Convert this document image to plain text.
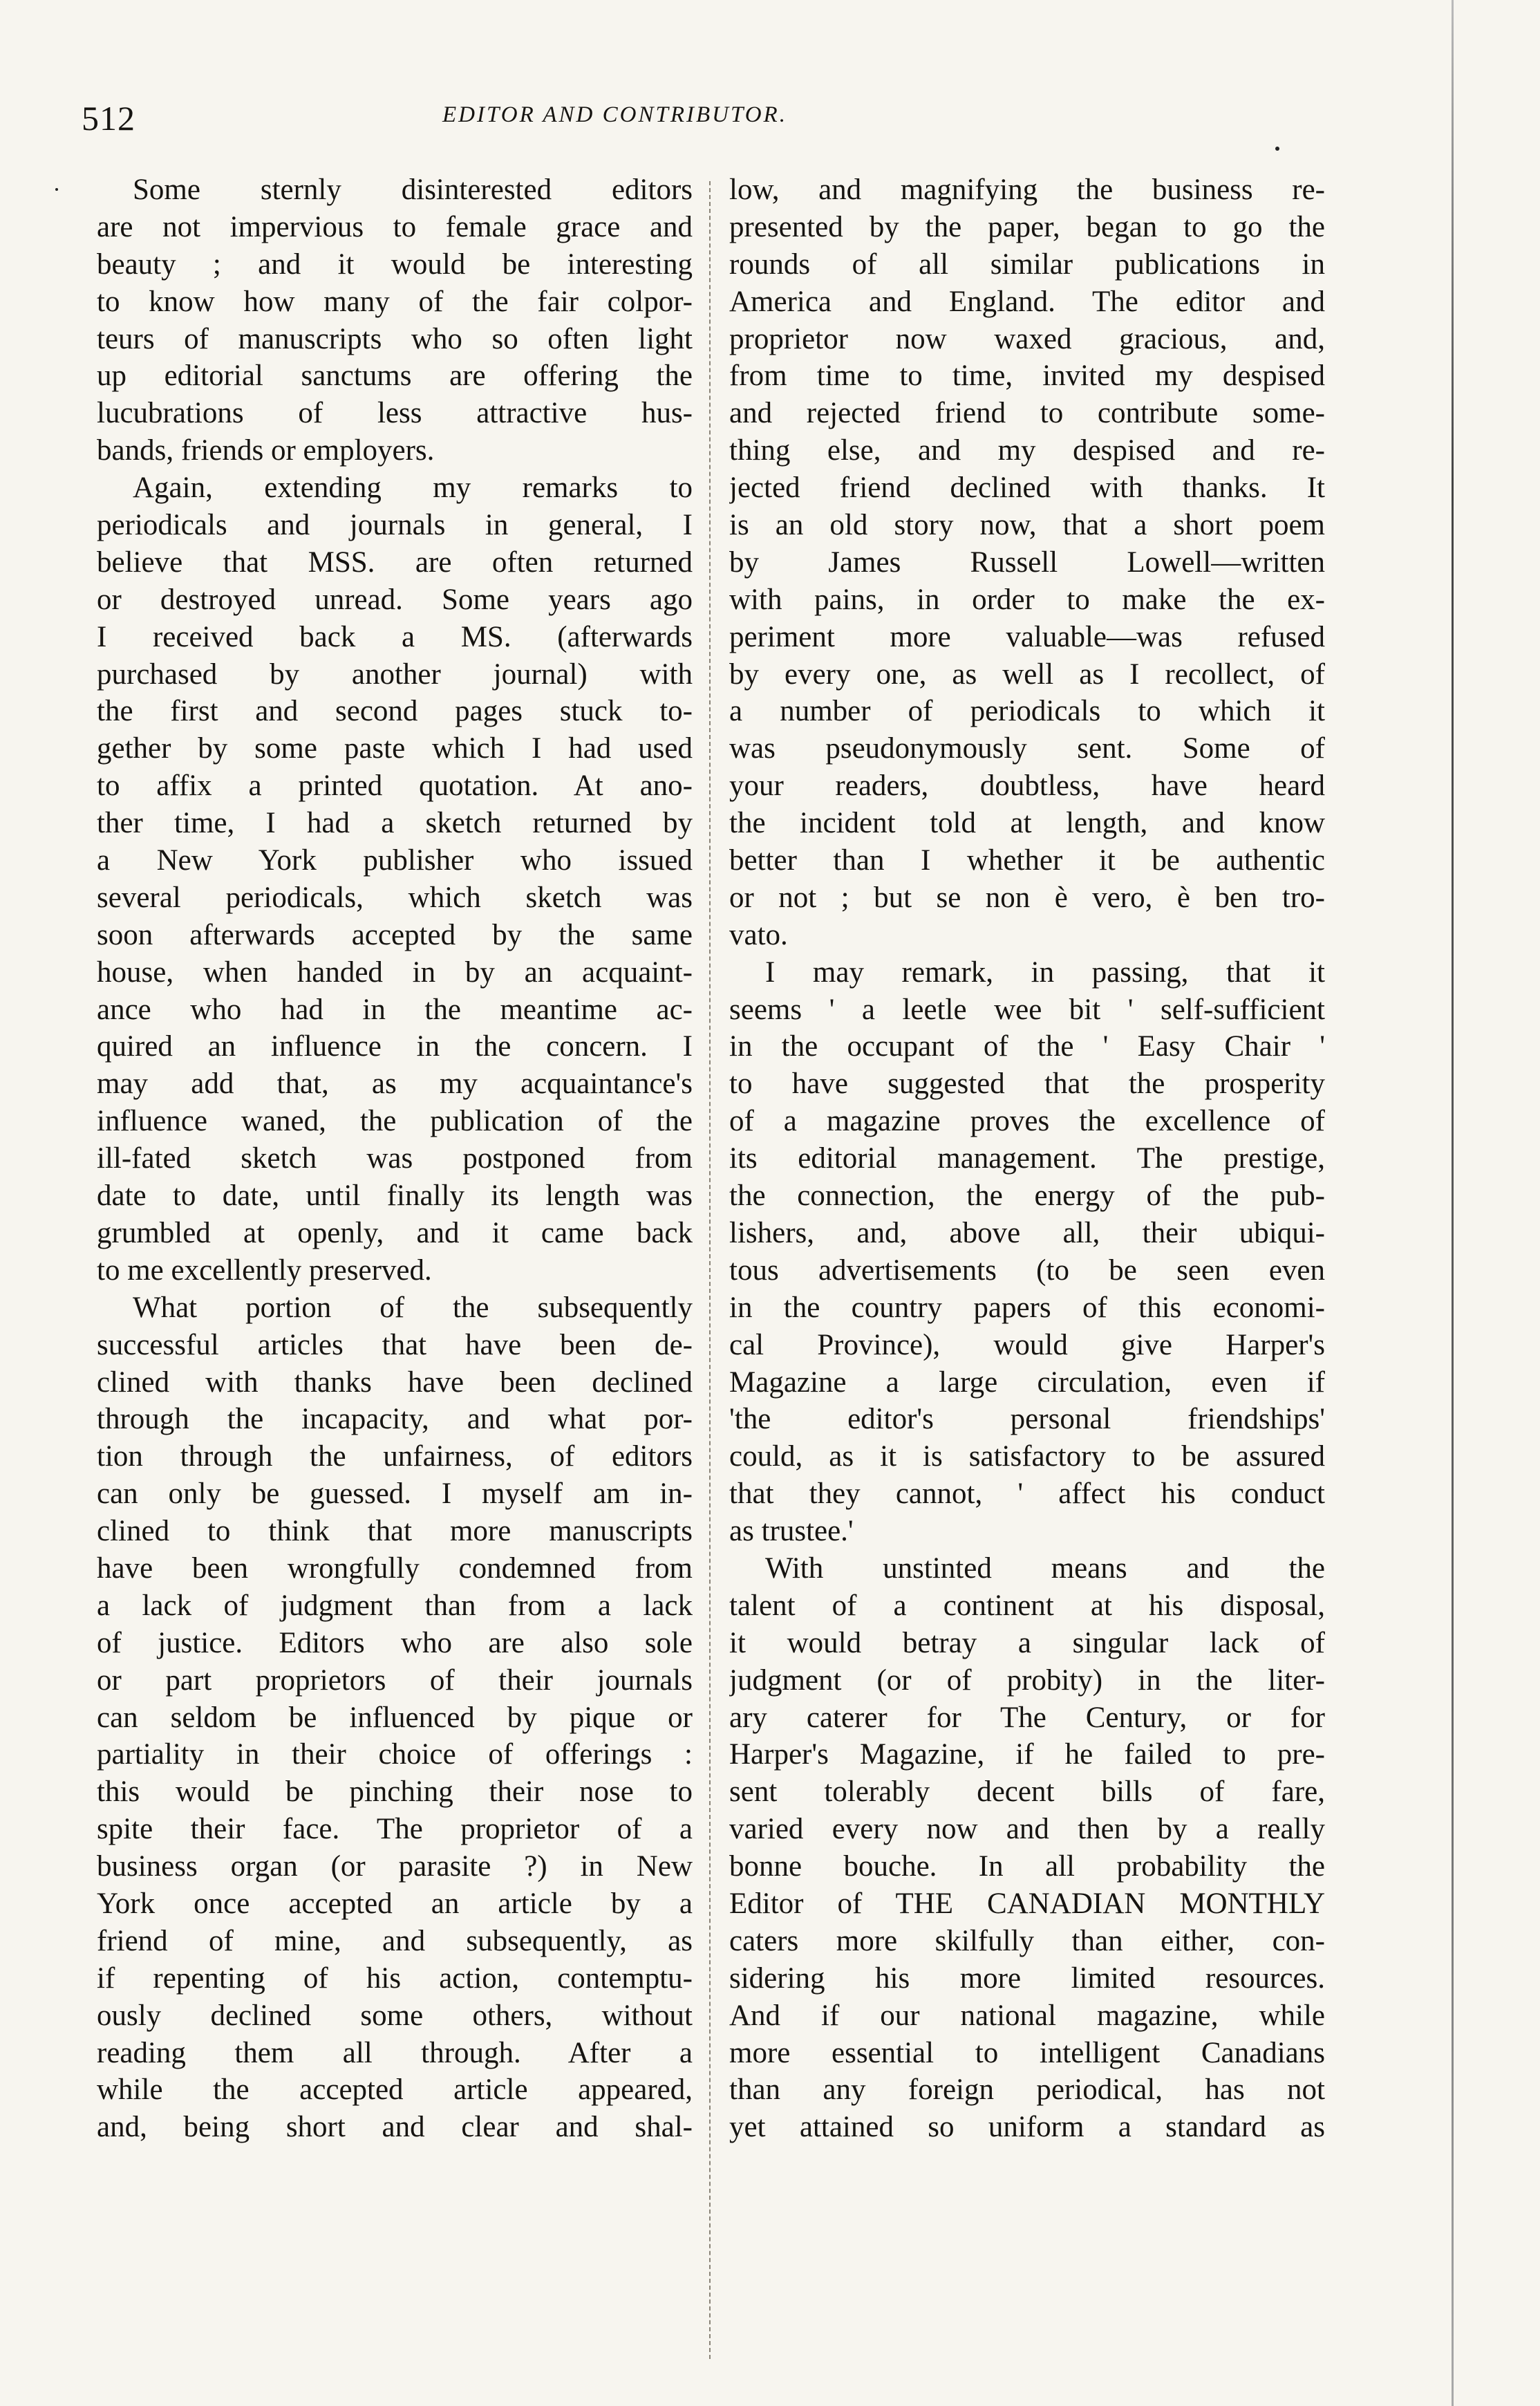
512	EDITOR AND CONTRIBUTOR.
Some sternly disinterested editors
are not impervious to female grace and
beauty ; and it would be interesting
to know how many of the fair colpor-
teurs of manuscripts who so often light
up editorial sanctums are offering the
lucubrations of less attractive hus-
bands, friends or employers.
Again, extending my remarks to
periodicals and journals in general, I
believe that MSS. are often returned
or destroyed unread. Some years ago
I received back a MS. (afterwards
purchased by another journal) with
the first and second pages stuck to-
gether by some paste which I had used
to affix a printed quotation. At ano-
ther time, I had a sketch returned by
a New York publisher who issued
several periodicals, which sketch was
soon afterwards accepted by the same
house, when handed in by an acquaint-
ance who had in the meantime ac-
quired an influence in the concern. I
may add that, as my acquaintance's
influence waned, the publication of the
ill-fated sketch was postponed from
date to date, until finally its length was
grumbled at openly, and it came back
to me excellently preserved.
What portion of the subsequently
successful articles that have been de-
clined with thanks have been declined
through the incapacity, and what por-
tion through the unfairness, of editors
can only be guessed. I myself am in-
clined to think that more manuscripts
have been wrongfully condemned from
a lack of judgment than from a lack
of justice. Editors who are also sole
or part proprietors of their journals
can seldom be influenced by pique or
partiality in their choice of offerings :
this would be pinching their nose to
spite their face. The proprietor of a
business organ (or parasite ?) in New
York once accepted an article by a
friend of mine, and subsequently, as
if repenting of his action, contemptu-
ously declined some others, without
reading them all through. After a
while the accepted article appeared,
and, being short and clear and shal-
low, and magnifying the business re-
presented by the paper, began to go the
rounds of all similar publications in
America and England. The editor and
proprietor now waxed gracious, and,
from time to time, invited my despised
and rejected friend to contribute some-
thing else, and my despised and re-
jected friend declined with thanks. It
is an old story now, that a short poem
by James Russell Lowell—written
with pains, in order to make the ex-
periment more valuable—was refused
by every one, as well as I recollect, of
a number of periodicals to which it
was pseudonymously sent. Some of
your readers, doubtless, have heard
the incident told at length, and know
better than I whether it be authentic
or not ; but se non è vero, è ben tro-
vato.
I may remark, in passing, that it
seems ' a leetle wee bit ' self-sufficient
in the occupant of the ' Easy Chair '
to have suggested that the prosperity
of a magazine proves the excellence of
its editorial management. The prestige,
the connection, the energy of the pub-
lishers, and, above all, their ubiqui-
tous advertisements (to be seen even
in the country papers of this economi-
cal Province), would give Harper's
Magazine a large circulation, even if
'the editor's personal friendships'
could, as it is satisfactory to be assured
that they cannot, ' affect his conduct
as trustee.'
With unstinted means and the
talent of a continent at his disposal,
it would betray a singular lack of
judgment (or of probity) in the liter-
ary caterer for The Century, or for
Harper's Magazine, if he failed to pre-
sent tolerably decent bills of fare,
varied every now and then by a really
bonne bouche. In all probability the
Editor of THE CANADIAN MONTHLY
caters more skilfully than either, con-
sidering his more limited resources.
And if our national magazine, while
more essential to intelligent Canadians
than any foreign periodical, has not
yet attained so uniform a standard as
